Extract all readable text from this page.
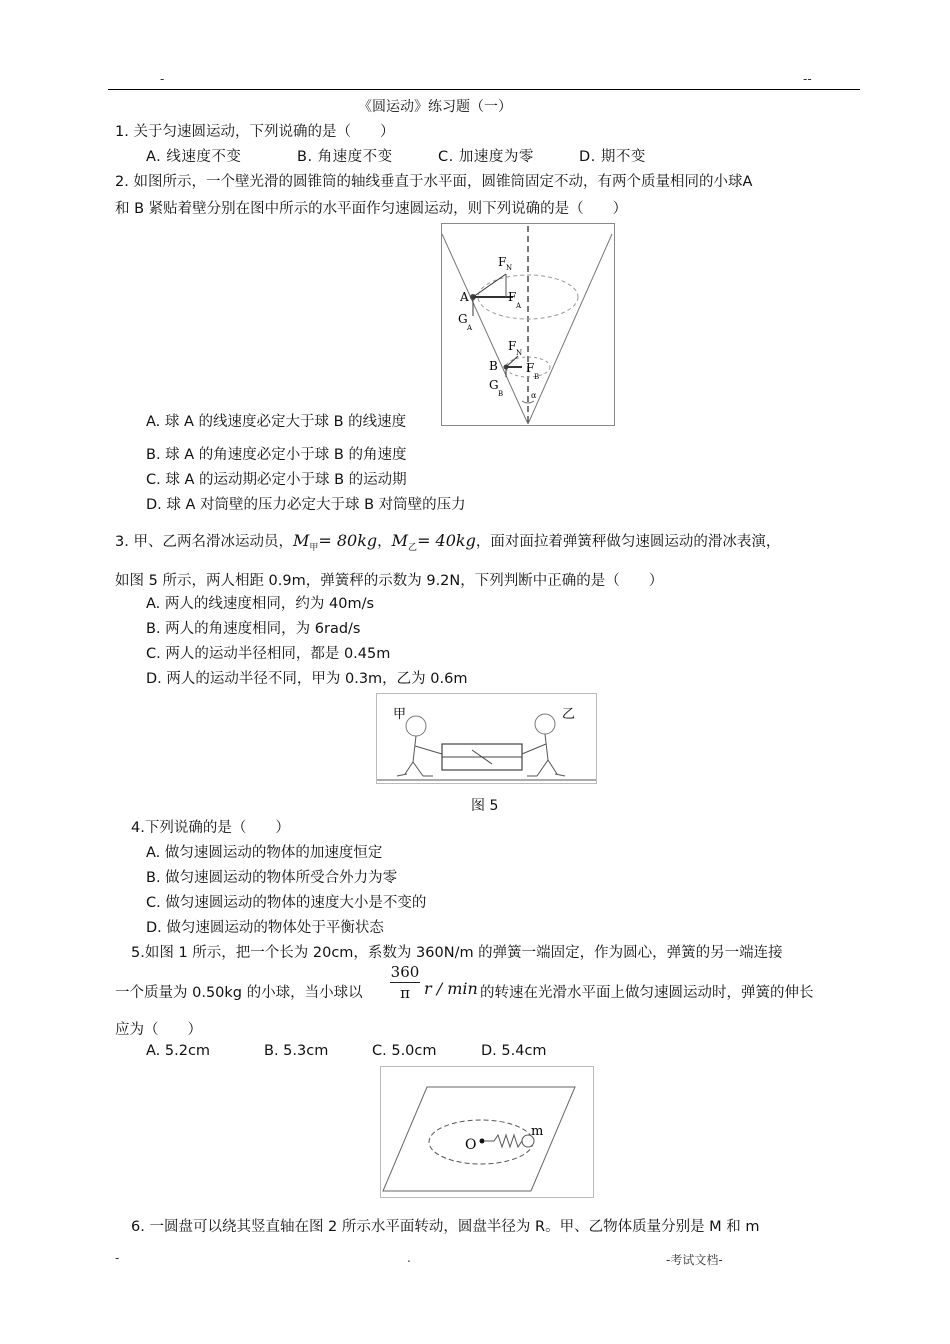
-	--
《圆运动》练习题（一）
1. 关于匀速圆运动，下列说确的是（　　）
A. 线速度不变	B. 角速度不变	C. 加速度为零	D. 期不变
2. 如图所示，一个壁光滑的圆锥筒的轴线垂直于水平面，圆锥筒固定不动，有两个质量相同的小球A
和 B 紧贴着壁分别在图中所示的水平面作匀速圆运动，则下列说确的是（　　）
F N
A	F
A
G
A
F N
B F
B
G
B	α
A. 球 A 的线速度必定大于球 B 的线速度
B. 球 A 的角速度必定小于球 B 的角速度
C. 球 A 的运动期必定小于球 B 的运动期
D. 球 A 对筒壁的压力必定大于球 B 对筒壁的压力
3. 甲、乙两名滑冰运动员，$M_甲= 80kg$，$M_乙= 40kg$，面对面拉着弹簧秤做匀速圆运动的滑冰表演，
如图 5 所示，两人相距 0.9m，弹簧秤的示数为 9.2N，下列判断中正确的是（　　）
A. 两人的线速度相同，约为 40m/s
B. 两人的角速度相同，为 6rad/s
C. 两人的运动半径相同，都是 0.45m
D. 两人的运动半径不同，甲为 0.3m，乙为 0.6m
甲	乙
图 5
4.下列说确的是（　　）
A. 做匀速圆运动的物体的加速度恒定
B. 做匀速圆运动的物体所受合外力为零
C. 做匀速圆运动的物体的速度大小是不变的
D. 做匀速圆运动的物体处于平衡状态
5.如图 1 所示，把一个长为 20cm，系数为 360N/m 的弹簧一端固定，作为圆心，弹簧的另一端连接
一个质量为 0.50kg 的小球，当小球以
360
π r / min 的转速在光滑水平面上做匀速圆运动时，弹簧的伸长
应为（　　）
A. 5.2cm	B. 5.3cm	C. 5.0cm	D. 5.4cm
O
m
6. 一圆盘可以绕其竖直轴在图 2 所示水平面转动，圆盘半径为 R。甲、乙物体质量分别是 M 和 m
-	.	-考试文档-
